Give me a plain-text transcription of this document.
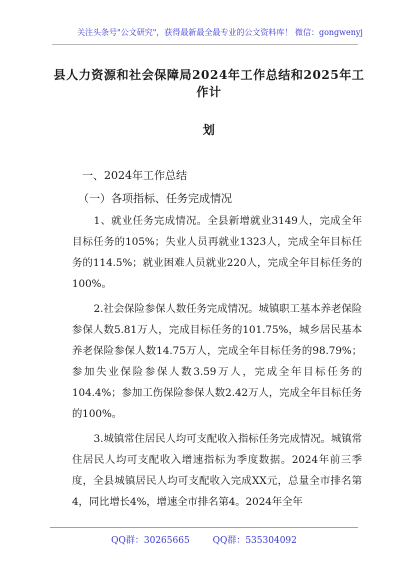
关注头条号"公文研究"，获得最新最全最专业的公文资料库！ 微信：gongwenyj
县人力资源和社会保障局2024年工作总结和2025年工作计
划
一、2024年工作总结
（一）各项指标、任务完成情况

1、就业任务完成情况。全县新增就业3149人，完成全年目标任务的105%；失业人员再就业1323人，完成全年目标任务的114.5%；就业困难人员就业220人，完成全年目标任务的100%。

2.社会保险参保人数任务完成情况。城镇职工基本养老保险参保人数5.81万人，完成目标任务的101.75%，城乡居民基本养老保险参保人数14.75万人，完成全年目标任务的98.79%；参加失业保险参保人数3.59万人，完成全年目标任务的104.4%；参加工伤保险参保人数2.42万人，完成全年目标任务的100%。

3.城镇常住居民人均可支配收入指标任务完成情况。城镇常住居民人均可支配收入增速指标为季度数据。2024年前三季度，全县城镇居民人均可支配收入完成XX元，总量全市排名第4，同比增长4%，增速全市排名第4。2024年全年

QQ群：30265665	QQ群：535304092
